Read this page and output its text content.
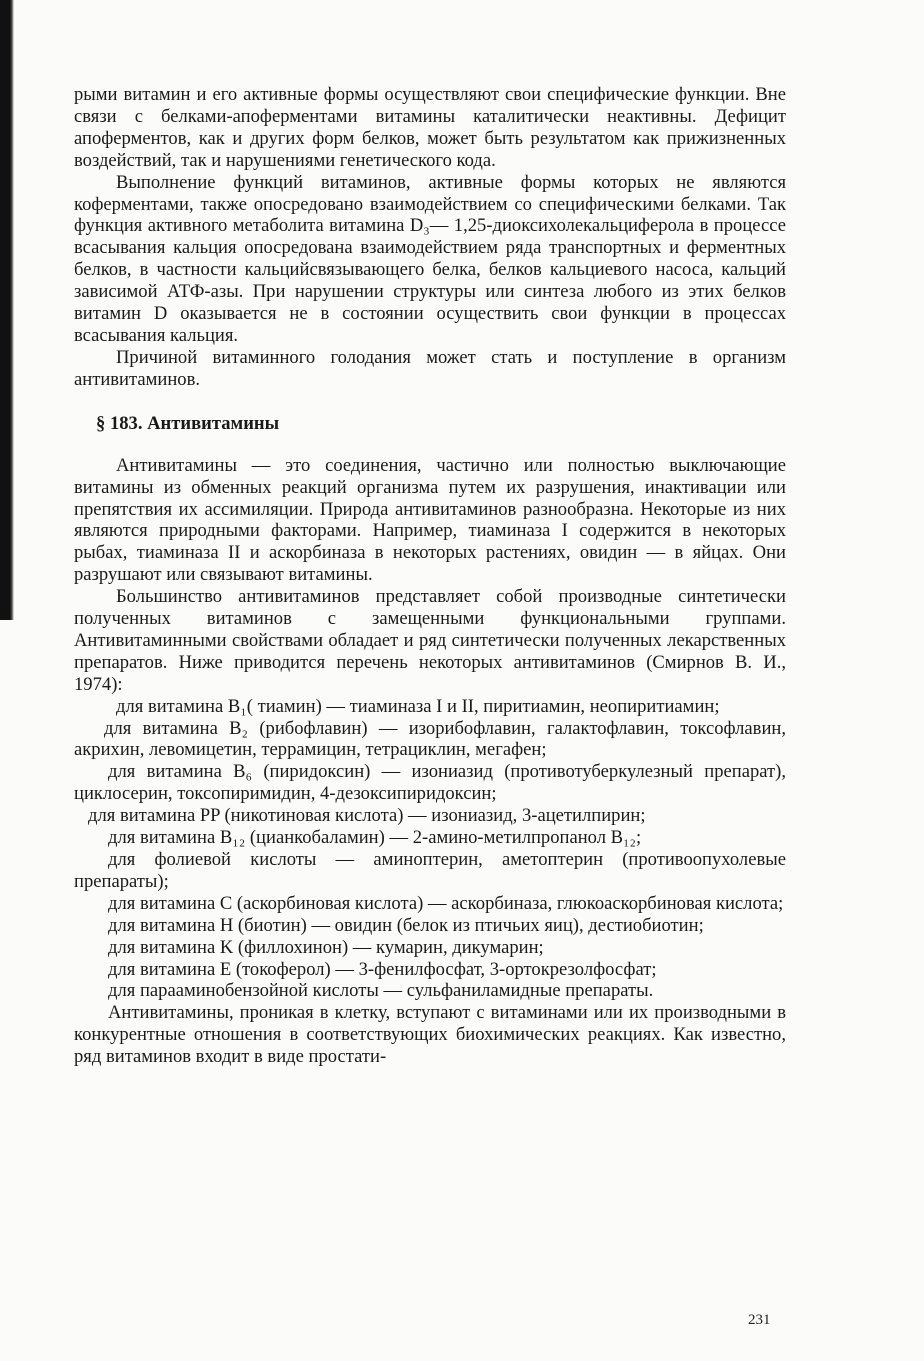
рыми витамин и его активные формы осуществляют свои специфические функции. Вне связи с белками-апоферментами витамины каталитически неактивны. Дефицит апоферментов, как и других форм белков, может быть результатом как прижизненных воздействий, так и нарушениями генетического кода.

Выполнение функций витаминов, активные формы которых не являются коферментами, также опосредовано взаимодействием со специфическими белками. Так функция активного метаболита витамина D₃— 1,25-диоксихолекальциферола в процессе всасывания кальция опосредована взаимодействием ряда транспортных и ферментных белков, в частности кальцийсвязывающего белка, белков кальциевого насоса, кальций зависимой АТФ-азы. При нарушении структуры или синтеза любого из этих белков витамин D оказывается не в состоянии осуществить свои функции в процессах всасывания кальция.

Причиной витаминного голодания может стать и поступление в организм антивитаминов.

§ 183. Антивитамины

Антивитамины — это соединения, частично или полностью выключающие витамины из обменных реакций организма путем их разрушения, инактивации или препятствия их ассимиляции. Природа антивитаминов разнообразна. Некоторые из них являются природными факторами. Например, тиаминаза I содержится в некоторых рыбах, тиаминаза II и аскорбиназа в некоторых растениях, овидин — в яйцах. Они разрушают или связывают витамины.

Большинство антивитаминов представляет собой производные синтетически полученных витаминов с замещенными функциональными группами. Антивитаминными свойствами обладает и ряд синтетически полученных лекарственных препаратов. Ниже приводится перечень некоторых антивитаминов (Смирнов В. И., 1974):

для витамина B₁( тиамин) — тиаминаза I и II, пиритиамин, неопиритиамин;

для витамина B₂ (рибофлавин) — изорибофлавин, галактофлавин, токсофлавин, акрихин, левомицетин, террамицин, тетрациклин, мегафен;

для витамина B₆ (пиридоксин) — изониазид (противотуберкулезный препарат), циклосерин, токсопиримидин, 4-дезоксипиридоксин;

для витамина PP (никотиновая кислота) — изониазид, 3-ацетилпирин;

для витамина B₁₂ (цианкобаламин) — 2-амино-метилпропанол B₁₂;

для фолиевой кислоты — аминоптерин, аметоптерин (противоопухолевые препараты);

для витамина C (аскорбиновая кислота) — аскорбиназа, глюкоаскорбиновая кислота;

для витамина H (биотин) — овидин (белок из птичьих яиц), дестиобиотин;

для витамина K (филлохинон) — кумарин, дикумарин;

для витамина E (токоферол) — 3-фенилфосфат, 3-ортокрезолфосфат;

для парааминобензойной кислоты — сульфаниламидные препараты.

Антивитамины, проникая в клетку, вступают с витаминами или их производными в конкурентные отношения в соответствующих биохимических реакциях. Как известно, ряд витаминов входит в виде простати-

231
